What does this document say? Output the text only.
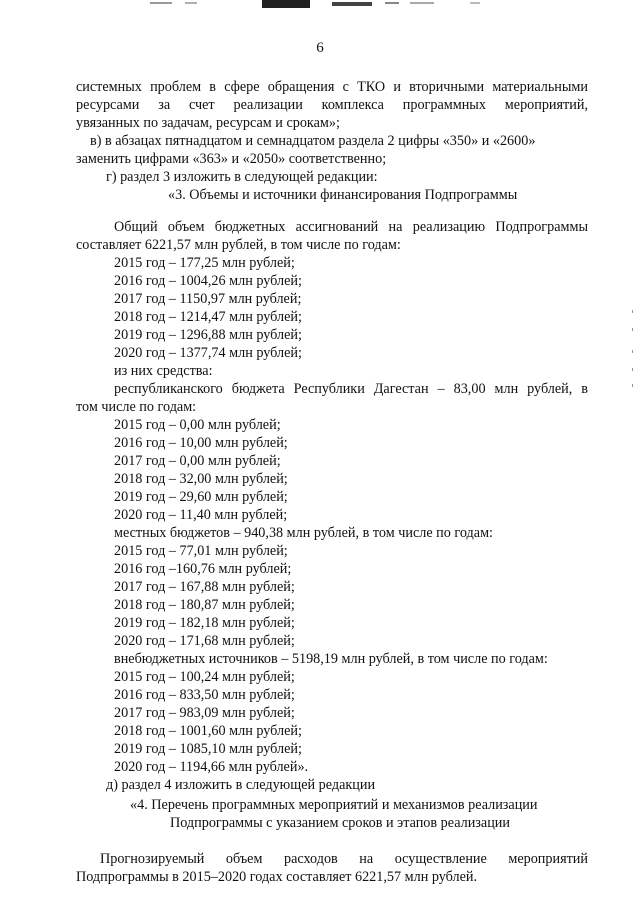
6
системных проблем в сфере обращения с ТКО и вторичными материальными
ресурсами за счет реализации комплекса программных мероприятий,
увязанных по задачам, ресурсам и срокам»;
в) в абзацах пятнадцатом и семнадцатом раздела 2 цифры «350» и «2600»
заменить цифрами «363» и «2050» соответственно;
г) раздел 3 изложить в следующей редакции:
«3. Объемы и источники финансирования Подпрограммы
Общий объем бюджетных ассигнований на реализацию Подпрограммы
составляет 6221,57 млн рублей, в том числе по годам:
2015 год – 177,25 млн рублей;
2016 год – 1004,26 млн рублей;
2017 год – 1150,97 млн рублей;
2018 год – 1214,47 млн рублей;
2019 год – 1296,88 млн рублей;
2020 год – 1377,74 млн рублей;
из них средства:
республиканского бюджета Республики Дагестан – 83,00 млн рублей, в
том числе по годам:
2015 год – 0,00 млн рублей;
2016 год – 10,00 млн рублей;
2017 год – 0,00 млн рублей;
2018 год – 32,00 млн рублей;
2019 год – 29,60 млн рублей;
2020 год – 11,40 млн рублей;
местных бюджетов – 940,38 млн рублей, в том числе по годам:
2015 год – 77,01 млн рублей;
2016 год –160,76 млн рублей;
2017 год – 167,88 млн рублей;
2018 год – 180,87 млн рублей;
2019 год – 182,18 млн рублей;
2020 год – 171,68 млн рублей;
внебюджетных источников – 5198,19 млн рублей, в том числе по годам:
2015 год – 100,24 млн рублей;
2016 год – 833,50 млн рублей;
2017 год – 983,09 млн рублей;
2018 год – 1001,60 млн рублей;
2019 год – 1085,10 млн рублей;
2020 год – 1194,66 млн рублей».
д) раздел 4 изложить в следующей редакции
«4. Перечень программных мероприятий и механизмов реализации
Подпрограммы с указанием сроков и этапов реализации
Прогнозируемый объем расходов на осуществление мероприятий
Подпрограммы в 2015–2020 годах составляет 6221,57 млн рублей.
